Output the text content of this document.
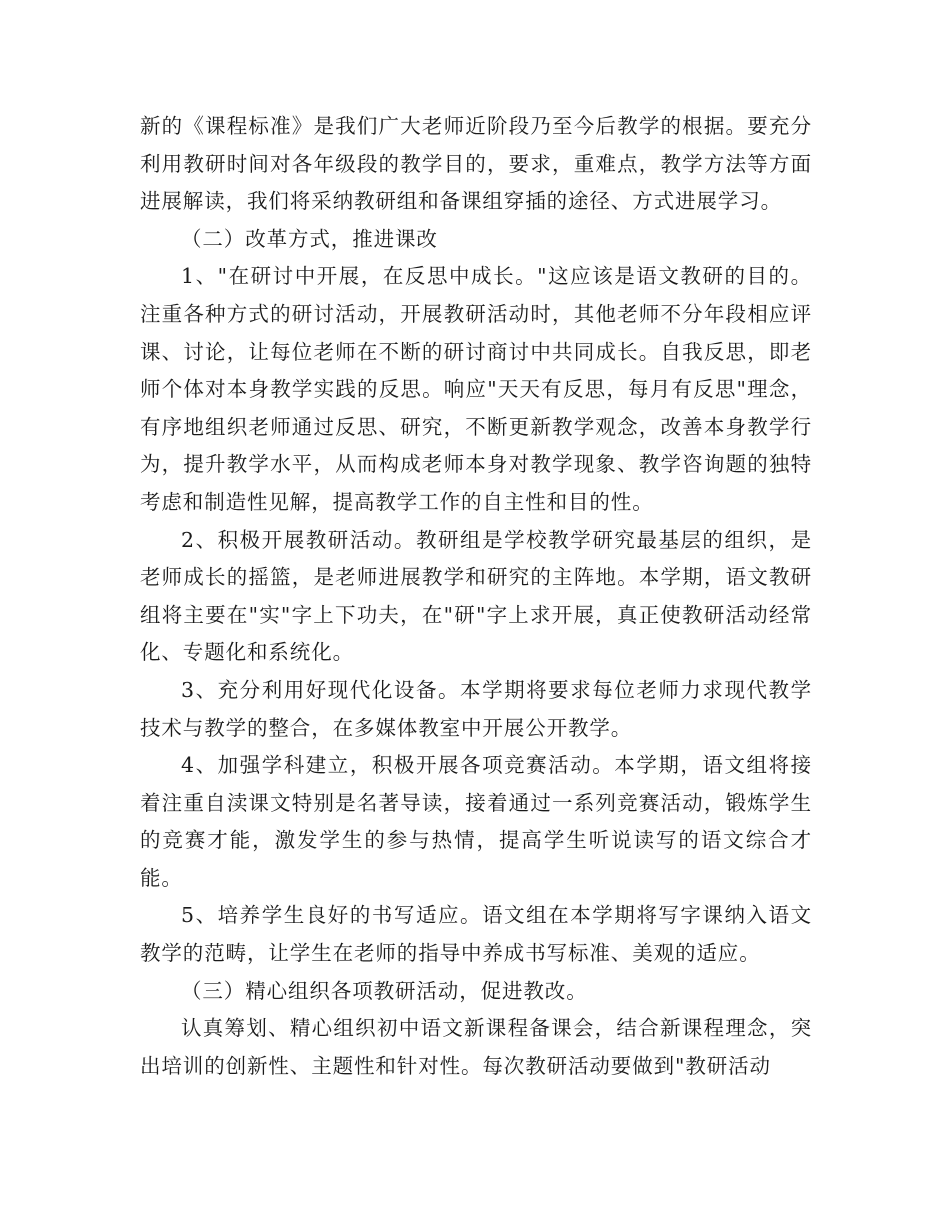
新的《课程标准》是我们广大老师近阶段乃至今后教学的根据。要充分利用教研时间对各年级段的教学目的，要求，重难点，教学方法等方面进展解读，我们将采纳教研组和备课组穿插的途径、方式进展学习。

（二）改革方式，推进课改

1、"在研讨中开展，在反思中成长。"这应该是语文教研的目的。注重各种方式的研讨活动，开展教研活动时，其他老师不分年段相应评课、讨论，让每位老师在不断的研讨商讨中共同成长。自我反思，即老师个体对本身教学实践的反思。响应"天天有反思，每月有反思"理念，有序地组织老师通过反思、研究，不断更新教学观念，改善本身教学行为，提升教学水平，从而构成老师本身对教学现象、教学咨询题的独特考虑和制造性见解，提高教学工作的自主性和目的性。

2、积极开展教研活动。教研组是学校教学研究最基层的组织，是老师成长的摇篮，是老师进展教学和研究的主阵地。本学期，语文教研组将主要在"实"字上下功夫，在"研"字上求开展，真正使教研活动经常化、专题化和系统化。

3、充分利用好现代化设备。本学期将要求每位老师力求现代教学技术与教学的整合，在多媒体教室中开展公开教学。

4、加强学科建立，积极开展各项竞赛活动。本学期，语文组将接着注重自渎课文特别是名著导读，接着通过一系列竞赛活动，锻炼学生的竞赛才能，激发学生的参与热情，提高学生听说读写的语文综合才能。

5、培养学生良好的书写适应。语文组在本学期将写字课纳入语文教学的范畴，让学生在老师的指导中养成书写标准、美观的适应。

（三）精心组织各项教研活动，促进教改。

认真筹划、精心组织初中语文新课程备课会，结合新课程理念，突出培训的创新性、主题性和针对性。每次教研活动要做到"教研活动
